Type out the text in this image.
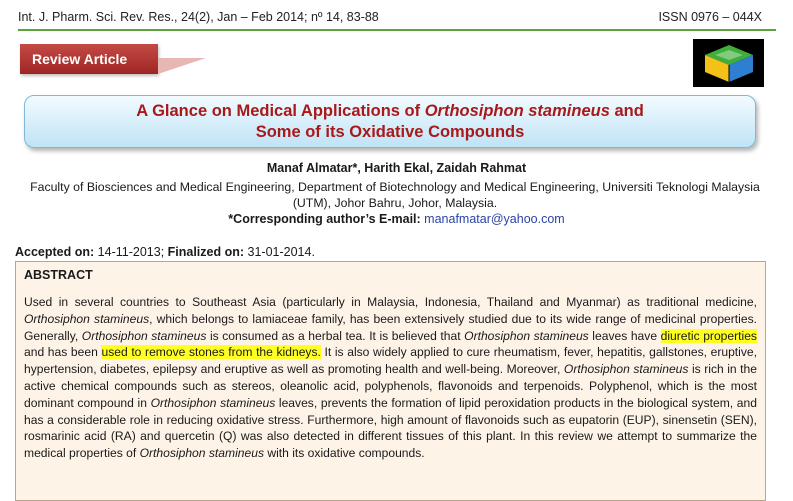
Int. J. Pharm. Sci. Rev. Res., 24(2), Jan – Feb 2014; nº 14, 83-88	ISSN 0976 – 044X
Review Article
A Glance on Medical Applications of Orthosiphon stamineus and
Some of its Oxidative Compounds
Manaf Almatar*, Harith Ekal, Zaidah Rahmat
Faculty of Biosciences and Medical Engineering, Department of Biotechnology and Medical Engineering, Universiti Teknologi Malaysia
(UTM), Johor Bahru, Johor, Malaysia.
*Corresponding author’s E-mail: manafmatar@yahoo.com
Accepted on: 14-11-2013; Finalized on: 31-01-2014.

ABSTRACT

Used in several countries to Southeast Asia (particularly in Malaysia, Indonesia, Thailand and Myanmar) as traditional medicine, Orthosiphon stamineus, which belongs to lamiaceae family, has been extensively studied due to its wide range of medicinal properties. Generally, Orthosiphon stamineus is consumed as a herbal tea. It is believed that Orthosiphon stamineus leaves have diuretic properties and has been used to remove stones from the kidneys. It is also widely applied to cure rheumatism, fever, hepatitis, gallstones, eruptive, hypertension, diabetes, epilepsy and eruptive as well as promoting health and well-being. Moreover, Orthosiphon stamineus is rich in the active chemical compounds such as stereos, oleanolic acid, polyphenols, flavonoids and terpenoids. Polyphenol, which is the most dominant compound in Orthosiphon stamineus leaves, prevents the formation of lipid peroxidation products in the biological system, and has a considerable role in reducing oxidative stress. Furthermore, high amount of flavonoids such as eupatorin (EUP), sinensetin (SEN), rosmarinic acid (RA) and quercetin (Q) was also detected in different tissues of this plant. In this review we attempt to summarize the medical properties of Orthosiphon stamineus with its oxidative compounds.
